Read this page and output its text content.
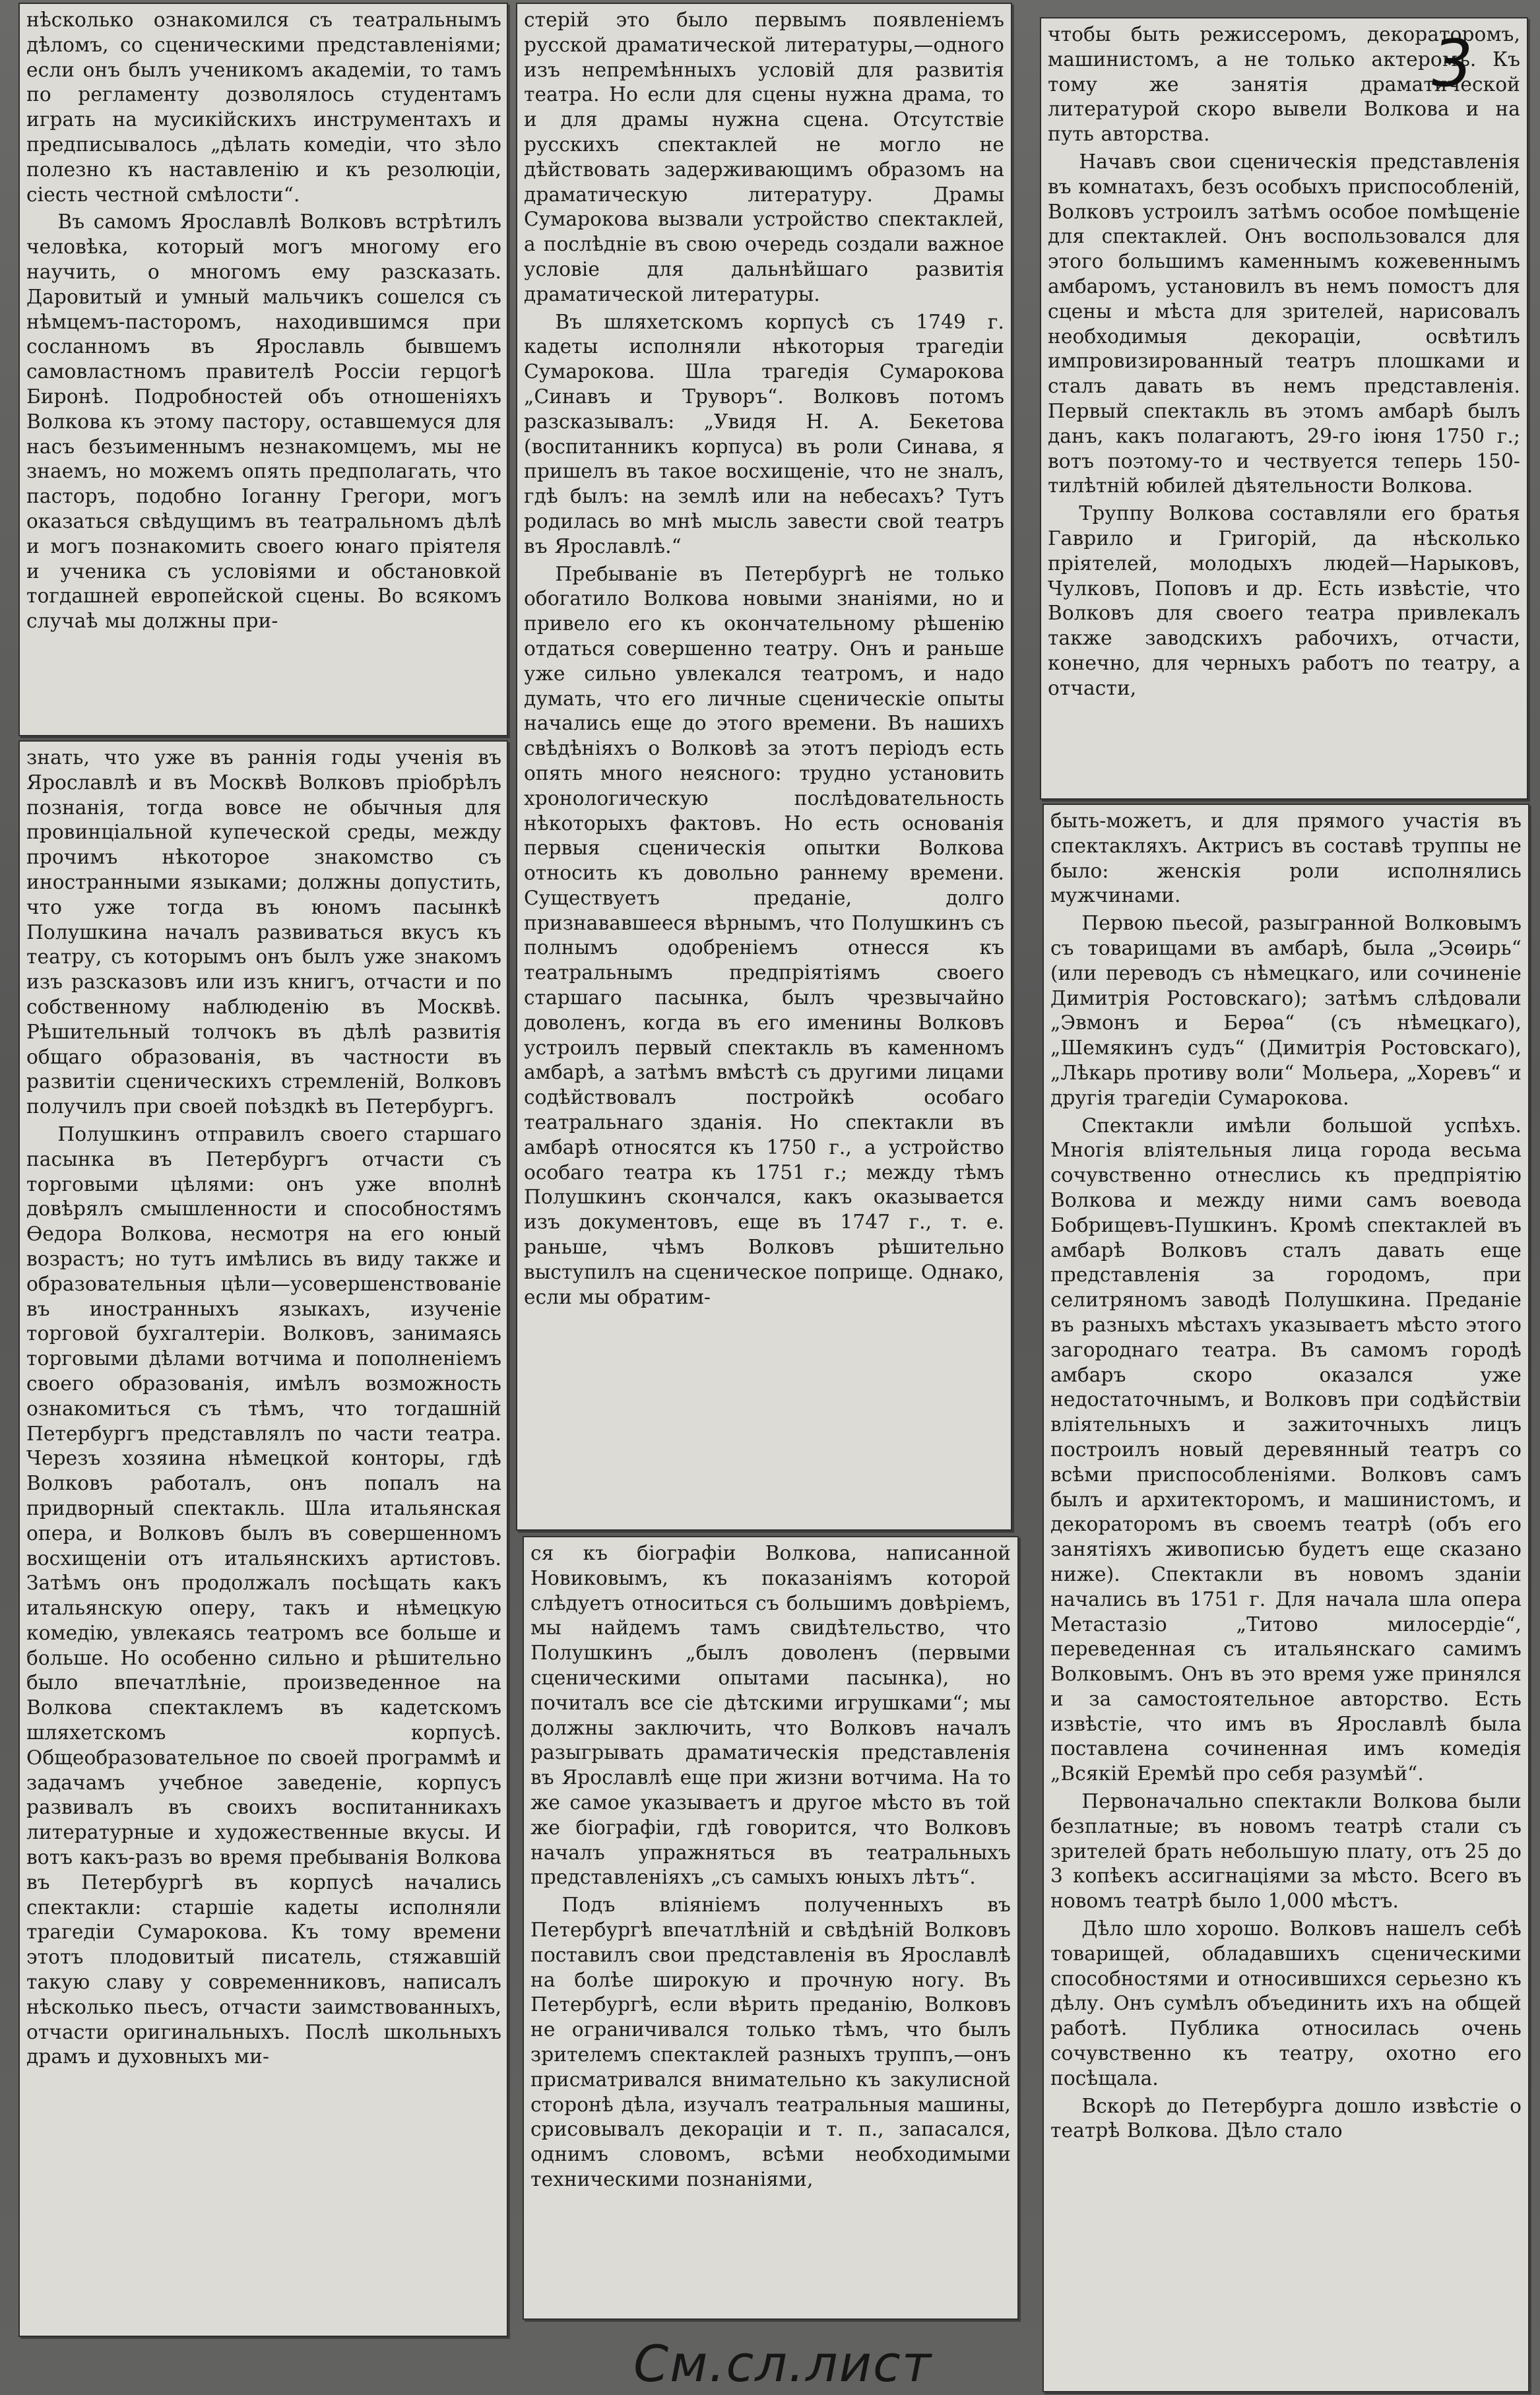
нѣсколько ознакомился съ театральнымъ дѣломъ, со сценическими представленіями; если онъ былъ ученикомъ академіи, то тамъ по регламенту дозволялось студентамъ играть на мусикійскихъ инструментахъ и предписывалось „дѣлать комедіи, что зѣло полезно къ наставленію и къ резолюціи, сіесть честной смѣлости“.

Въ самомъ Ярославлѣ Волковъ встрѣтилъ человѣка, который могъ многому его научить, о многомъ ему разсказать. Даровитый и умный мальчикъ сошелся съ нѣмцемъ-пасторомъ, находившимся при сосланномъ въ Ярославль бывшемъ самовластномъ правителѣ Россіи герцогѣ Биронѣ. Подробностей объ отношеніяхъ Волкова къ этому пастору, оставшемуся для насъ безъименнымъ незнакомцемъ, мы не знаемъ, но можемъ опять предполагать, что пасторъ, подобно Іоганну Грегори, могъ оказаться свѣдущимъ въ театральномъ дѣлѣ и могъ познакомить своего юнаго пріятеля и ученика съ условіями и обстановкой тогдашней европейской сцены. Во всякомъ случаѣ мы должны при-

знать, что уже въ раннія годы ученія въ Ярославлѣ и въ Москвѣ Волковъ пріобрѣлъ познанія, тогда вовсе не обычныя для провинціальной купеческой среды, между прочимъ нѣкоторое знакомство съ иностранными языками; должны допустить, что уже тогда въ юномъ пасынкѣ Полушкина началъ развиваться вкусъ къ театру, съ которымъ онъ былъ уже знакомъ изъ разсказовъ или изъ книгъ, отчасти и по собственному наблюденію въ Москвѣ. Рѣшительный толчокъ въ дѣлѣ развитія общаго образованія, въ частности въ развитіи сценическихъ стремленій, Волковъ получилъ при своей поѣздкѣ въ Петербургъ.

Полушкинъ отправилъ своего старшаго пасынка въ Петербургъ отчасти съ торговыми цѣлями: онъ уже вполнѣ довѣрялъ смышленности и способностямъ Ѳедора Волкова, несмотря на его юный возрастъ; но тутъ имѣлись въ виду также и образовательныя цѣли—усовершенствованіе въ иностранныхъ языкахъ, изученіе торговой бухгалтеріи. Волковъ, занимаясь торговыми дѣлами вотчима и пополненіемъ своего образованія, имѣлъ возможность ознакомиться съ тѣмъ, что тогдашній Петербургъ представлялъ по части театра. Черезъ хозяина нѣмецкой конторы, гдѣ Волковъ работалъ, онъ попалъ на придворный спектакль. Шла итальянская опера, и Волковъ былъ въ совершенномъ восхищеніи отъ итальянскихъ артистовъ. Затѣмъ онъ продолжалъ посѣщать какъ итальянскую оперу, такъ и нѣмецкую комедію, увлекаясь театромъ все больше и больше. Но особенно сильно и рѣшительно было впечатлѣніе, произведенное на Волкова спектаклемъ въ кадетскомъ шляхетскомъ корпусѣ. Общеобразовательное по своей программѣ и задачамъ учебное заведеніе, корпусъ развивалъ въ своихъ воспитанникахъ литературные и художественные вкусы. И вотъ какъ-разъ во время пребыванія Волкова въ Петербургѣ въ корпусѣ начались спектакли: старшіе кадеты исполняли трагедіи Сумарокова. Къ тому времени этотъ плодовитый писатель, стяжавшій такую славу у современниковъ, написалъ нѣсколько пьесъ, отчасти заимствованныхъ, отчасти оригинальныхъ. Послѣ школьныхъ драмъ и духовныхъ ми-

стерій это было первымъ появленіемъ русской драматической литературы,—одного изъ непремѣнныхъ условій для развитія театра. Но если для сцены нужна драма, то и для драмы нужна сцена. Отсутствіе русскихъ спектаклей не могло не дѣйствовать задерживающимъ образомъ на драматическую литературу. Драмы Сумарокова вызвали устройство спектаклей, а послѣдніе въ свою очередь создали важное условіе для дальнѣйшаго развитія драматической литературы.

Въ шляхетскомъ корпусѣ съ 1749 г. кадеты исполняли нѣкоторыя трагедіи Сумарокова. Шла трагедія Сумарокова „Синавъ и Труворъ“. Волковъ потомъ разсказывалъ: „Увидя Н. А. Бекетова (воспитанникъ корпуса) въ роли Синава, я пришелъ въ такое восхищеніе, что не зналъ, гдѣ былъ: на землѣ или на небесахъ? Тутъ родилась во мнѣ мысль завести свой театръ въ Ярославлѣ.“

Пребываніе въ Петербургѣ не только обогатило Волкова новыми знаніями, но и привело его къ окончательному рѣшенію отдаться совершенно театру. Онъ и раньше уже сильно увлекался театромъ, и надо думать, что его личные сценическіе опыты начались еще до этого времени. Въ нашихъ свѣдѣніяхъ о Волковѣ за этотъ періодъ есть опять много неясного: трудно установить хронологическую послѣдовательность нѣкоторыхъ фактовъ. Но есть основанія первыя сценическія опытки Волкова относить къ довольно раннему времени. Существуетъ преданіе, долго признававшееся вѣрнымъ, что Полушкинъ съ полнымъ одобреніемъ отнесся къ театральнымъ предпріятіямъ своего старшаго пасынка, былъ чрезвычайно доволенъ, когда въ его именины Волковъ устроилъ первый спектакль въ каменномъ амбарѣ, а затѣмъ вмѣстѣ съ другими лицами содѣйствовалъ постройкѣ особаго театральнаго зданія. Но спектакли въ амбарѣ относятся къ 1750 г., а устройство особаго театра къ 1751 г.; между тѣмъ Полушкинъ скончался, какъ оказывается изъ документовъ, еще въ 1747 г., т. е. раньше, чѣмъ Волковъ рѣшительно выступилъ на сценическое поприще. Однако, если мы обратим-

ся къ біографіи Волкова, написанной Новиковымъ, къ показаніямъ которой слѣдуетъ относиться съ большимъ довѣріемъ, мы найдемъ тамъ свидѣтельство, что Полушкинъ „былъ доволенъ (первыми сценическими опытами пасынка), но почиталъ все сіе дѣтскими игрушками“; мы должны заключить, что Волковъ началъ разыгрывать драматическія представленія въ Ярославлѣ еще при жизни вотчима. На то же самое указываетъ и другое мѣсто въ той же біографіи, гдѣ говорится, что Волковъ началъ упражняться въ театральныхъ представленіяхъ „съ самыхъ юныхъ лѣтъ“.

Подъ вліяніемъ полученныхъ въ Петербургѣ впечатлѣній и свѣдѣній Волковъ поставилъ свои представленія въ Ярославлѣ на болѣе широкую и прочную ногу. Въ Петербургѣ, если вѣрить преданію, Волковъ не ограничивался только тѣмъ, что былъ зрителемъ спектаклей разныхъ труппъ,—онъ присматривался внимательно къ закулисной сторонѣ дѣла, изучалъ театральныя машины, срисовывалъ декораціи и т. п., запасался, однимъ словомъ, всѣми необходимыми техническими познаніями,

чтобы быть режиссеромъ, декораторомъ, машинистомъ, а не только актеромъ. Къ тому же занятія драматической литературой скоро вывели Волкова и на путь авторства.

Начавъ свои сценическія представленія въ комнатахъ, безъ особыхъ приспособленій, Волковъ устроилъ затѣмъ особое помѣщеніе для спектаклей. Онъ воспользовался для этого большимъ каменнымъ кожевеннымъ амбаромъ, установилъ въ немъ помостъ для сцены и мѣста для зрителей, нарисовалъ необходимыя декораціи, освѣтилъ импровизированный театръ плошками и сталъ давать въ немъ представленія. Первый спектакль въ этомъ амбарѣ былъ данъ, какъ полагаютъ, 29-го іюня 1750 г.; вотъ поэтому-то и чествуется теперь 150-тилѣтній юбилей дѣятельности Волкова.

Труппу Волкова составляли его братья Гаврило и Григорій, да нѣсколько пріятелей, молодыхъ людей—Нарыковъ, Чулковъ, Поповъ и др. Есть извѣстіе, что Волковъ для своего театра привлекалъ также заводскихъ рабочихъ, отчасти, конечно, для черныхъ работъ по театру, а отчасти,

быть-можетъ, и для прямого участія въ спектакляхъ. Актрисъ въ составѣ труппы не было: женскія роли исполнялись мужчинами.

Первою пьесой, разыгранной Волковымъ съ товарищами въ амбарѣ, была „Эсѳирь“ (или переводъ съ нѣмецкаго, или сочиненіе Димитрія Ростовскаго); затѣмъ слѣдовали „Эвмонъ и Берѳа“ (съ нѣмецкаго), „Шемякинъ судъ“ (Димитрія Ростовскаго), „Лѣкарь противу воли“ Мольера, „Хоревъ“ и другія трагедіи Сумарокова.

Спектакли имѣли большой успѣхъ. Многія вліятельныя лица города весьма сочувственно отнеслись къ предпріятію Волкова и между ними самъ воевода Бобрищевъ-Пушкинъ. Кромѣ спектаклей въ амбарѣ Волковъ сталъ давать еще представленія за городомъ, при селитряномъ заводѣ Полушкина. Преданіе въ разныхъ мѣстахъ указываетъ мѣсто этого загороднаго театра. Въ самомъ городѣ амбаръ скоро оказался уже недостаточнымъ, и Волковъ при содѣйствіи вліятельныхъ и зажиточныхъ лицъ построилъ новый деревянный театръ со всѣми приспособленіями. Волковъ самъ былъ и архитекторомъ, и машинистомъ, и декораторомъ въ своемъ театрѣ (объ его занятіяхъ живописью будетъ еще сказано ниже). Спектакли въ новомъ зданіи начались въ 1751 г. Для начала шла опера Метастазіо „Титово милосердіе“, переведенная съ итальянскаго самимъ Волковымъ. Онъ въ это время уже принялся и за самостоятельное авторство. Есть извѣстіе, что имъ въ Ярославлѣ была поставлена сочиненная имъ комедія „Всякій Еремѣй про себя разумѣй“.

Первоначально спектакли Волкова были безплатные; въ новомъ театрѣ стали съ зрителей брать небольшую плату, отъ 25 до 3 копѣекъ ассигнаціями за мѣсто. Всего въ новомъ театрѣ было 1,000 мѣстъ.

Дѣло шло хорошо. Волковъ нашелъ себѣ товарищей, обладавшихъ сценическими способностями и относившихся серьезно къ дѣлу. Онъ сумѣлъ объединить ихъ на общей работѣ. Публика относилась очень сочувственно къ театру, охотно его посѣщала.

Вскорѣ до Петербурга дошло извѣстіе о театрѣ Волкова. Дѣло стало

3
См.сл.лист
